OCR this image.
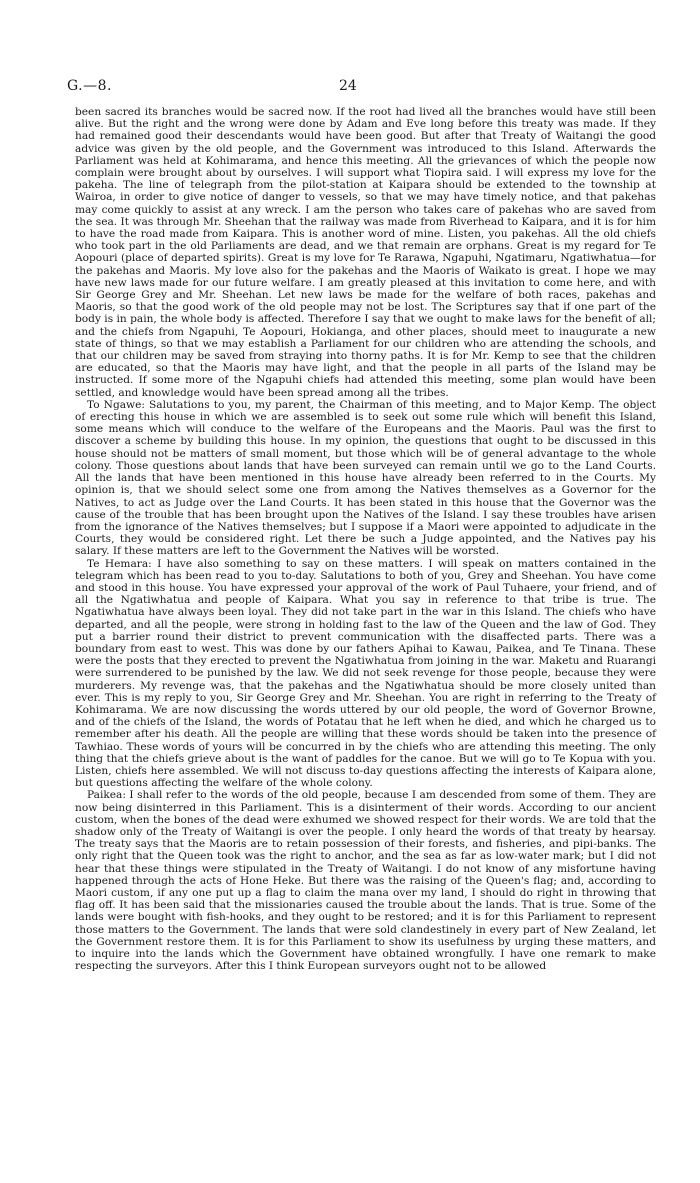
G.—8.	24

been sacred its branches would be sacred now. If the root had lived all the branches would have still been alive. But the right and the wrong were done by Adam and Eve long before this treaty was made. If they had remained good their descendants would have been good. But after that Treaty of Waitangi the good advice was given by the old people, and the Government was introduced to this Island. Afterwards the Parliament was held at Kohimarama, and hence this meeting. All the grievances of which the people now complain were brought about by ourselves. I will support what Tiopira said. I will express my love for the pakeha. The line of telegraph from the pilot-station at Kaipara should be extended to the township at Wairoa, in order to give notice of danger to vessels, so that we may have timely notice, and that pakehas may come quickly to assist at any wreck. I am the person who takes care of pakehas who are saved from the sea. It was through Mr. Sheehan that the railway was made from Riverhead to Kaipara, and it is for him to have the road made from Kaipara. This is another word of mine. Listen, you pakehas. All the old chiefs who took part in the old Parliaments are dead, and we that remain are orphans. Great is my regard for Te Aopouri (place of departed spirits). Great is my love for Te Rarawa, Ngapuhi, Ngatimaru, Ngatiwhatua—for the pakehas and Maoris. My love also for the pakehas and the Maoris of Waikato is great. I hope we may have new laws made for our future welfare. I am greatly pleased at this invitation to come here, and with Sir George Grey and Mr. Sheehan. Let new laws be made for the welfare of both races, pakehas and Maoris, so that the good work of the old people may not be lost. The Scriptures say that if one part of the body is in pain, the whole body is affected. Therefore I say that we ought to make laws for the benefit of all; and the chiefs from Ngapuhi, Te Aopouri, Hokianga, and other places, should meet to inaugurate a new state of things, so that we may establish a Parliament for our children who are attending the schools, and that our children may be saved from straying into thorny paths. It is for Mr. Kemp to see that the children are educated, so that the Maoris may have light, and that the people in all parts of the Island may be instructed. If some more of the Ngapuhi chiefs had attended this meeting, some plan would have been settled, and knowledge would have been spread among all the tribes.

To Ngawe: Salutations to you, my parent, the Chairman of this meeting, and to Major Kemp. The object of erecting this house in which we are assembled is to seek out some rule which will benefit this Island, some means which will conduce to the welfare of the Europeans and the Maoris. Paul was the first to discover a scheme by building this house. In my opinion, the questions that ought to be discussed in this house should not be matters of small moment, but those which will be of general advantage to the whole colony. Those questions about lands that have been surveyed can remain until we go to the Land Courts. All the lands that have been mentioned in this house have already been referred to in the Courts. My opinion is, that we should select some one from among the Natives themselves as a Governor for the Natives, to act as Judge over the Land Courts. It has been stated in this house that the Governor was the cause of the trouble that has been brought upon the Natives of the Island. I say these troubles have arisen from the ignorance of the Natives themselves; but I suppose if a Maori were appointed to adjudicate in the Courts, they would be considered right. Let there be such a Judge appointed, and the Natives pay his salary. If these matters are left to the Government the Natives will be worsted.

Te Hemara: I have also something to say on these matters. I will speak on matters contained in the telegram which has been read to you to-day. Salutations to both of you, Grey and Sheehan. You have come and stood in this house. You have expressed your approval of the work of Paul Tuhaere, your friend, and of all the Ngatiwhatua and people of Kaipara. What you say in reference to that tribe is true. The Ngatiwhatua have always been loyal. They did not take part in the war in this Island. The chiefs who have departed, and all the people, were strong in holding fast to the law of the Queen and the law of God. They put a barrier round their district to prevent communication with the disaffected parts. There was a boundary from east to west. This was done by our fathers Apihai to Kawau, Paikea, and Te Tinana. These were the posts that they erected to prevent the Ngatiwhatua from joining in the war. Maketu and Ruarangi were surrendered to be punished by the law. We did not seek revenge for those people, because they were murderers. My revenge was, that the pakehas and the Ngatiwhatua should be more closely united than ever. This is my reply to you, Sir George Grey and Mr. Sheehan. You are right in referring to the Treaty of Kohimarama. We are now discussing the words uttered by our old people, the word of Governor Browne, and of the chiefs of the Island, the words of Potatau that he left when he died, and which he charged us to remember after his death. All the people are willing that these words should be taken into the presence of Tawhiao. These words of yours will be concurred in by the chiefs who are attending this meeting. The only thing that the chiefs grieve about is the want of paddles for the canoe. But we will go to Te Kopua with you. Listen, chiefs here assembled. We will not discuss to-day questions affecting the interests of Kaipara alone, but questions affecting the welfare of the whole colony.

Paikea: I shall refer to the words of the old people, because I am descended from some of them. They are now being disinterred in this Parliament. This is a disinterment of their words. According to our ancient custom, when the bones of the dead were exhumed we showed respect for their words. We are told that the shadow only of the Treaty of Waitangi is over the people. I only heard the words of that treaty by hearsay. The treaty says that the Maoris are to retain possession of their forests, and fisheries, and pipi-banks. The only right that the Queen took was the right to anchor, and the sea as far as low-water mark; but I did not hear that these things were stipulated in the Treaty of Waitangi. I do not know of any misfortune having happened through the acts of Hone Heke. But there was the raising of the Queen's flag; and, according to Maori custom, if any one put up a flag to claim the mana over my land, I should do right in throwing that flag off. It has been said that the missionaries caused the trouble about the lands. That is true. Some of the lands were bought with fish-hooks, and they ought to be restored; and it is for this Parliament to represent those matters to the Government. The lands that were sold clandestinely in every part of New Zealand, let the Government restore them. It is for this Parliament to show its usefulness by urging these matters, and to inquire into the lands which the Government have obtained wrongfully. I have one remark to make respecting the surveyors. After this I think European surveyors ought not to be allowed
